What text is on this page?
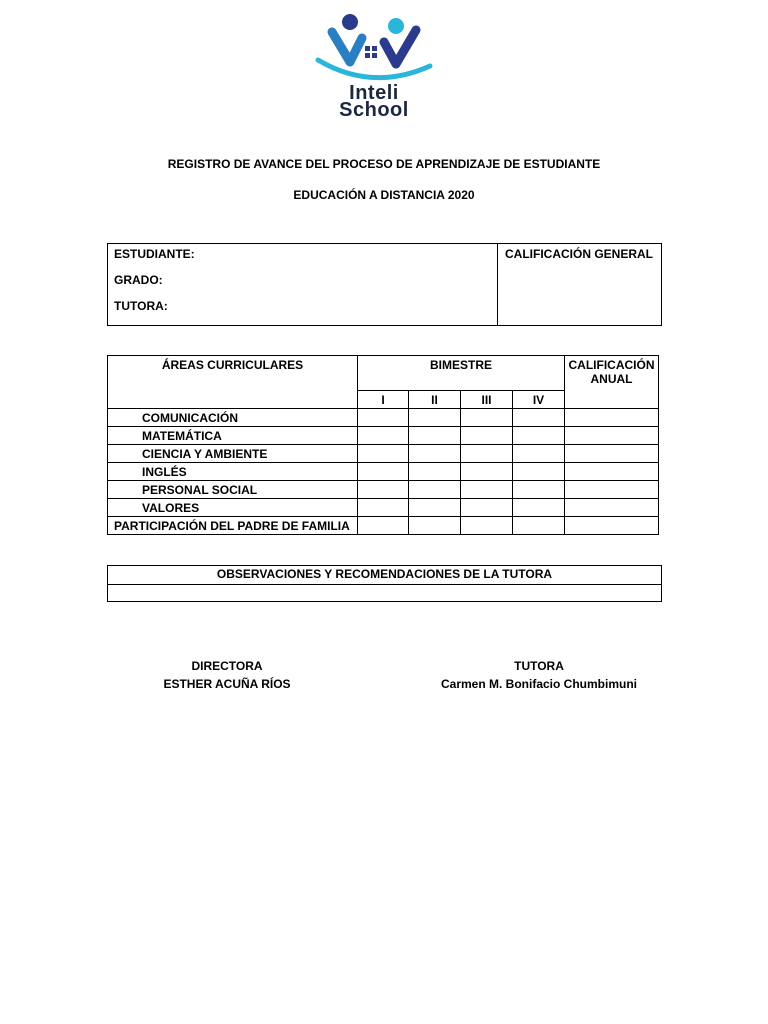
Inteli
School
REGISTRO DE AVANCE DEL PROCESO DE APRENDIZAJE DE ESTUDIANTE
EDUCACIÓN A DISTANCIA 2020
ESTUDIANTE:
GRADO:
TUTORA:
CALIFICACIÓN GENERAL
ÁREAS CURRICULARES	BIMESTRE				CALIFICACIÓN
ANUAL

	I	II	III	IV	
COMUNICACIÓN					
MATEMÁTICA					
CIENCIA Y AMBIENTE					
INGLÉS					
PERSONAL SOCIAL					
VALORES					
PARTICIPACIÓN DEL PADRE DE FAMILIA					
OBSERVACIONES Y RECOMENDACIONES DE LA TUTORA
DIRECTORA
ESTHER ACUÑA RÍOS
TUTORA
Carmen M. Bonifacio Chumbimuni
